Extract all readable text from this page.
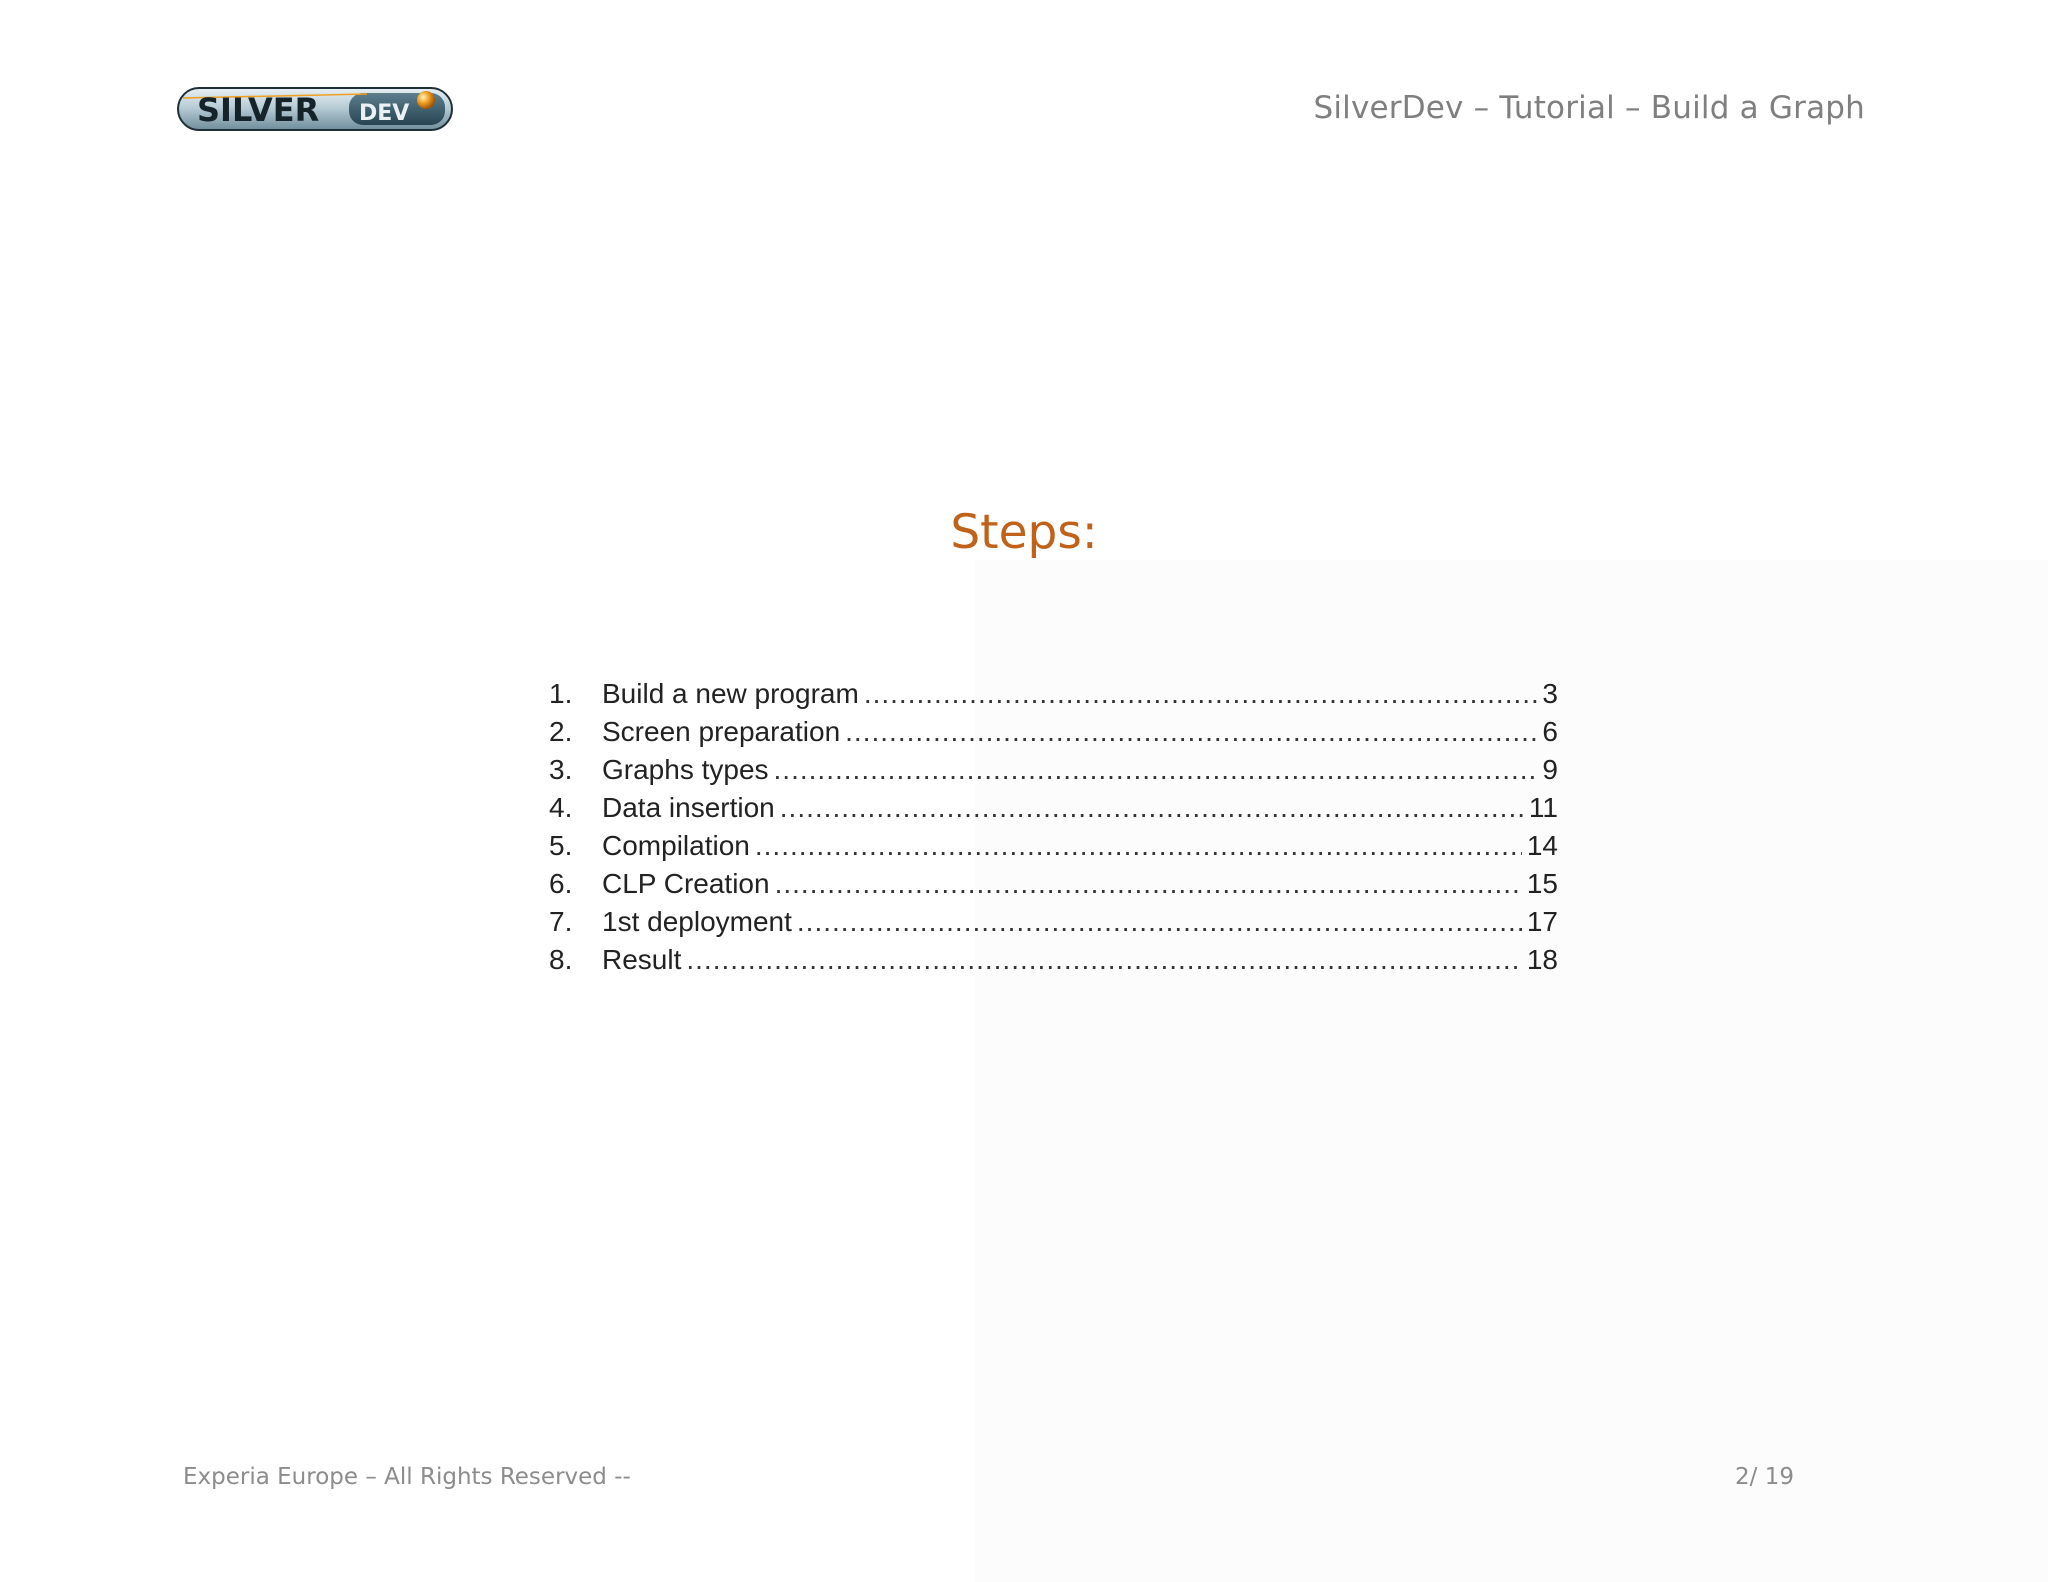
SILVER DEV	SilverDev – Tutorial – Build a Graph
Steps:
1.	Build a new program .....	3
2.	Screen preparation .....	6
3.	Graphs types .....	9
4.	Data insertion .....	11
5.	Compilation .....	14
6.	CLP Creation .....	15
7.	1st deployment .....	17
8.	Result .....	18
Experia Europe – All Rights Reserved --	2/ 19
